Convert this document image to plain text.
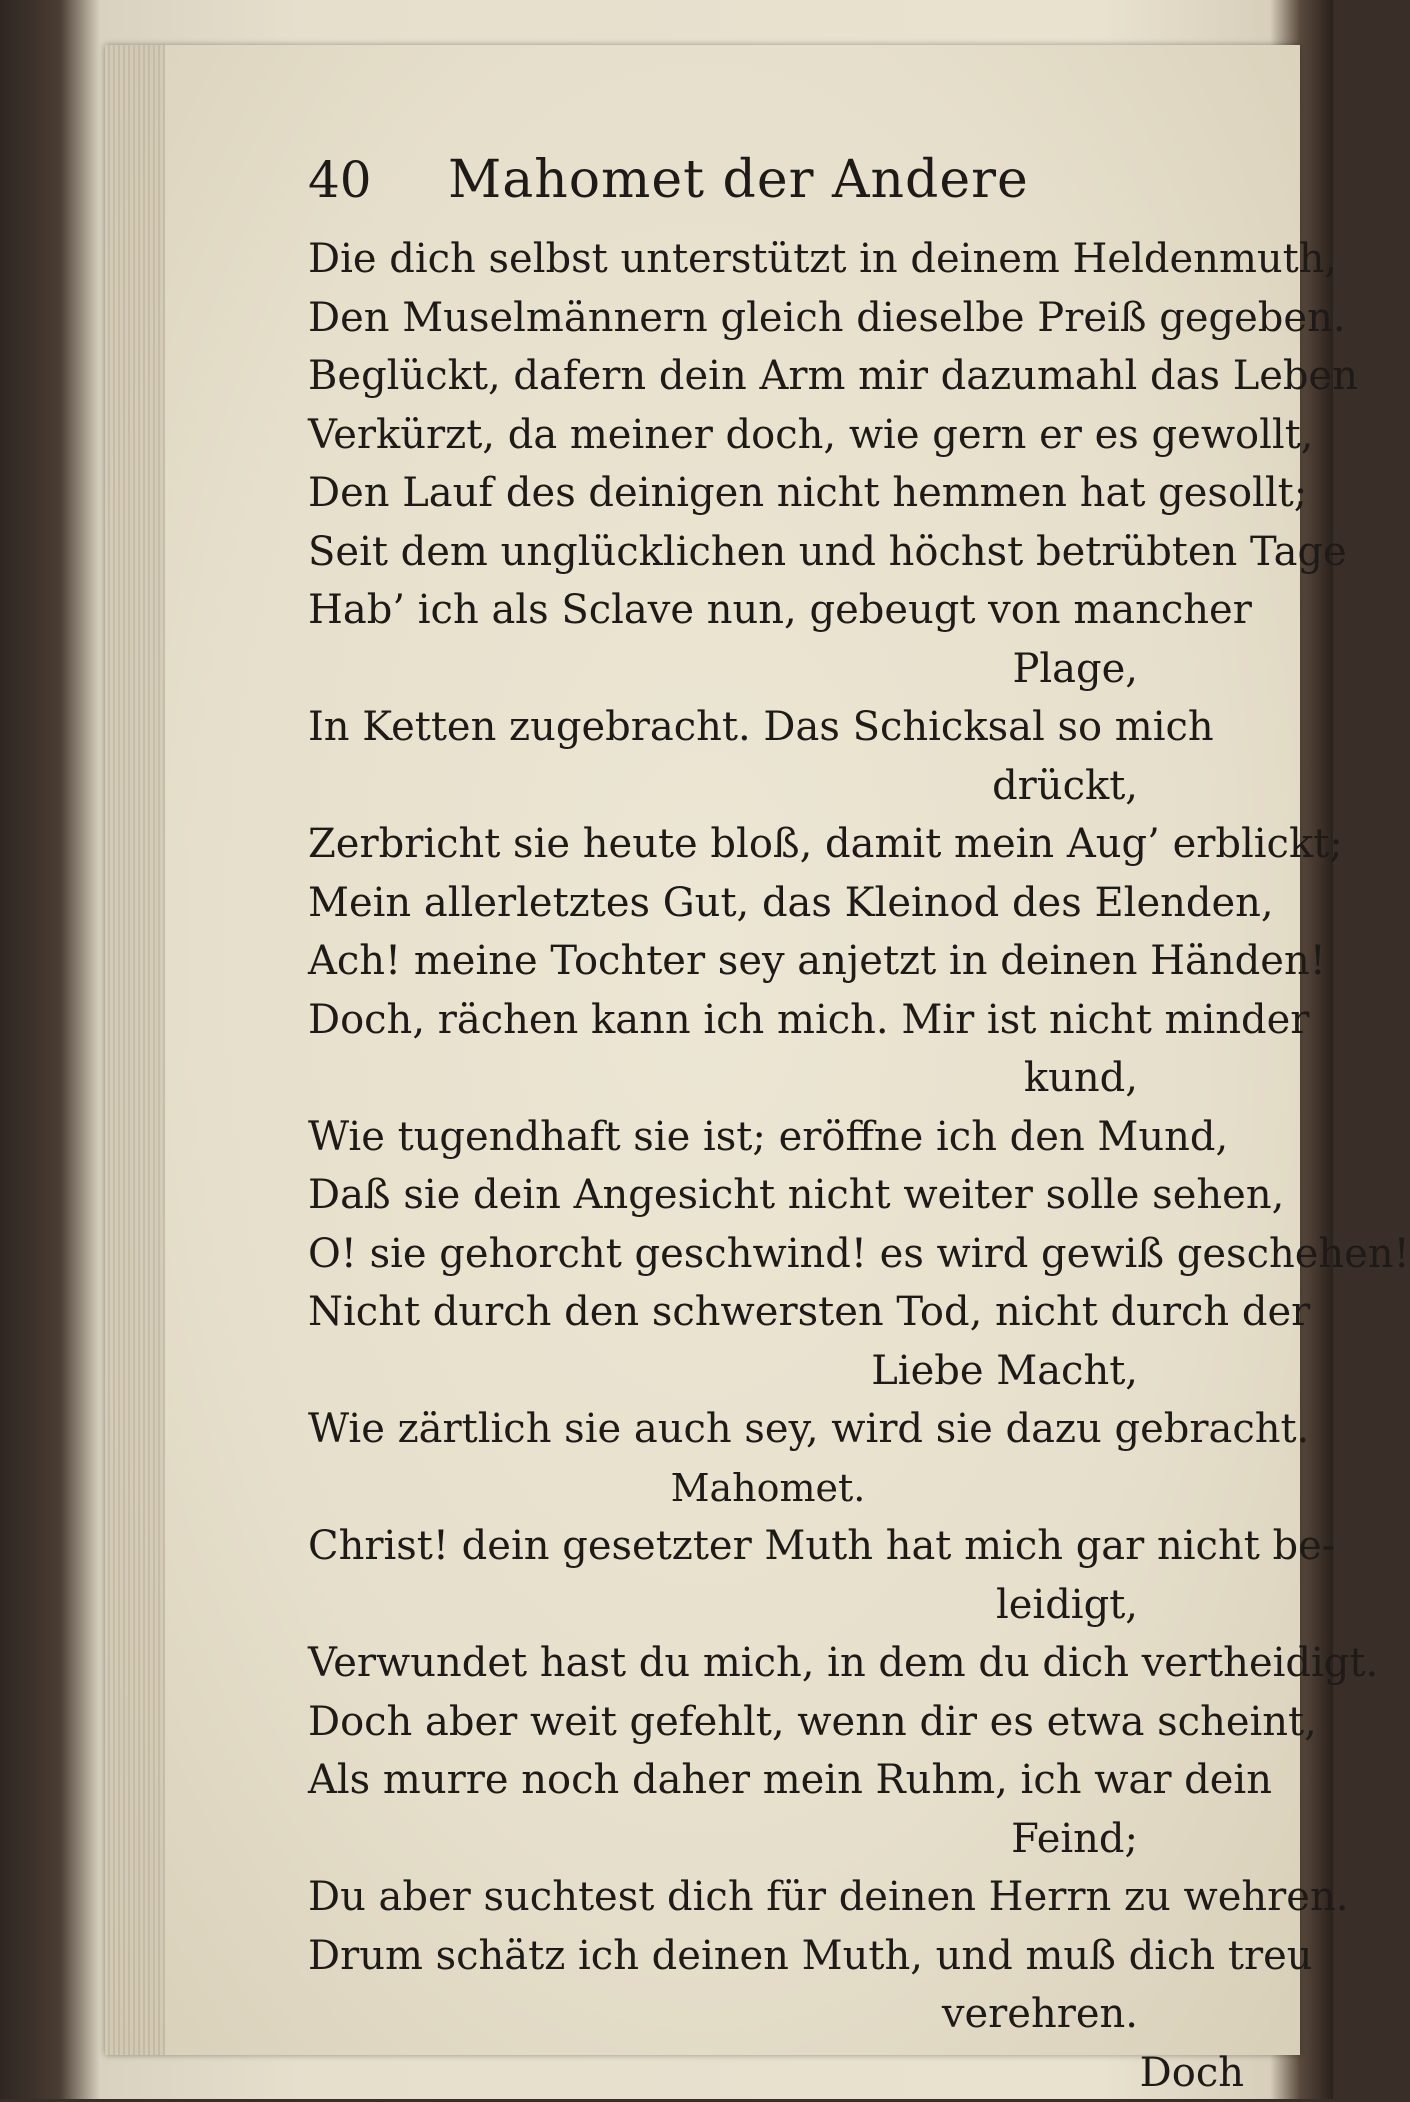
40	Mahomet der Andere
Die dich selbst unterstützt in deinem Heldenmuth,
Den Muselmännern gleich dieselbe Preiß gegeben.
Beglückt, dafern dein Arm mir dazumahl das Leben
Verkürzt, da meiner doch, wie gern er es gewollt,
Den Lauf des deinigen nicht hemmen hat gesollt;
Seit dem unglücklichen und höchst betrübten Tage
Hab’ ich als Sclave nun, gebeugt von mancher
Plage,
In Ketten zugebracht. Das Schicksal so mich
drückt,
Zerbricht sie heute bloß, damit mein Aug’ erblickt;
Mein allerletztes Gut, das Kleinod des Elenden,
Ach! meine Tochter sey anjetzt in deinen Händen!
Doch, rächen kann ich mich. Mir ist nicht minder
kund,
Wie tugendhaft sie ist; eröffne ich den Mund,
Daß sie dein Angesicht nicht weiter solle sehen,
O! sie gehorcht geschwind! es wird gewiß geschehen!
Nicht durch den schwersten Tod, nicht durch der
Liebe Macht,
Wie zärtlich sie auch sey, wird sie dazu gebracht.
Mahomet.
Christ! dein gesetzter Muth hat mich gar nicht be-
leidigt,
Verwundet hast du mich, in dem du dich vertheidigt.
Doch aber weit gefehlt, wenn dir es etwa scheint,
Als murre noch daher mein Ruhm, ich war dein
Feind;
Du aber suchtest dich für deinen Herrn zu wehren.
Drum schätz ich deinen Muth, und muß dich treu
verehren.
Doch
